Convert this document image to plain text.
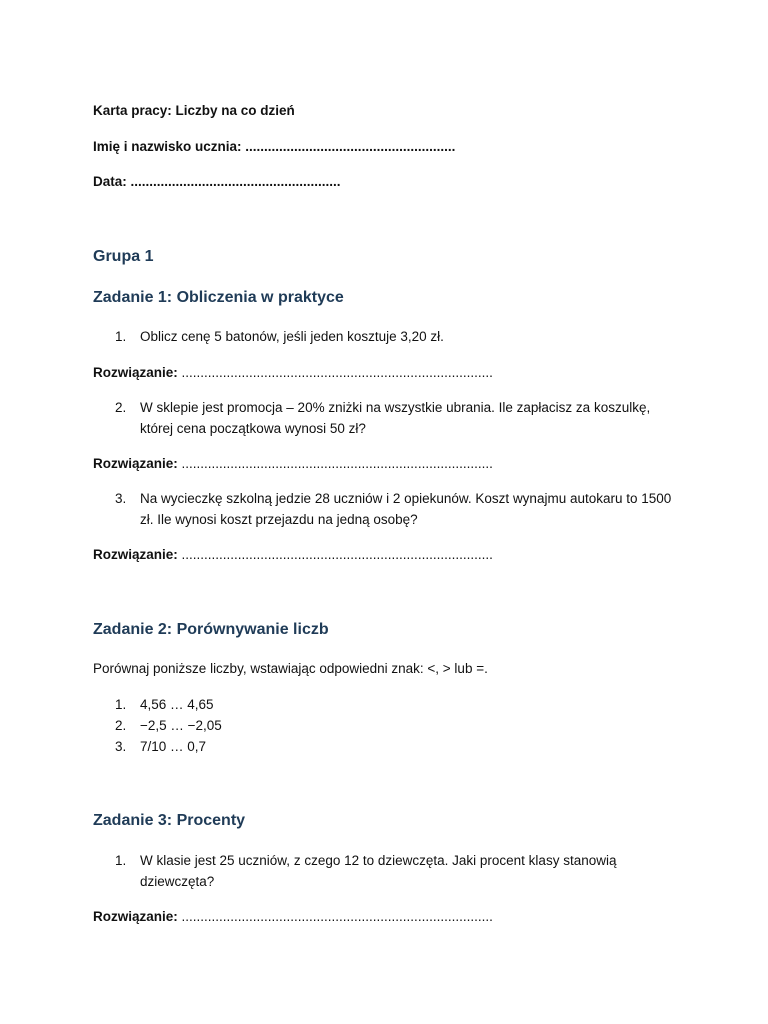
Karta pracy: Liczby na co dzień
Imię i nazwisko ucznia: ........................................................
Data: ........................................................
Grupa 1
Zadanie 1: Obliczenia w praktyce
1.	Oblicz cenę 5 batonów, jeśli jeden kosztuje 3,20 zł.
Rozwiązanie: ...................................................................................
2.	W sklepie jest promocja – 20% zniżki na wszystkie ubrania. Ile zapłacisz za koszulkę, której cena początkowa wynosi 50 zł?
Rozwiązanie: ...................................................................................
3.	Na wycieczkę szkolną jedzie 28 uczniów i 2 opiekunów. Koszt wynajmu autokaru to 1500 zł. Ile wynosi koszt przejazdu na jedną osobę?
Rozwiązanie: ...................................................................................
Zadanie 2: Porównywanie liczb
Porównaj poniższe liczby, wstawiając odpowiedni znak: <, > lub =.
1.	4,56 … 4,65
2.	−2,5 … −2,05
3.	7/10 … 0,7
Zadanie 3: Procenty
1.	W klasie jest 25 uczniów, z czego 12 to dziewczęta. Jaki procent klasy stanowią dziewczęta?
Rozwiązanie: ...................................................................................
